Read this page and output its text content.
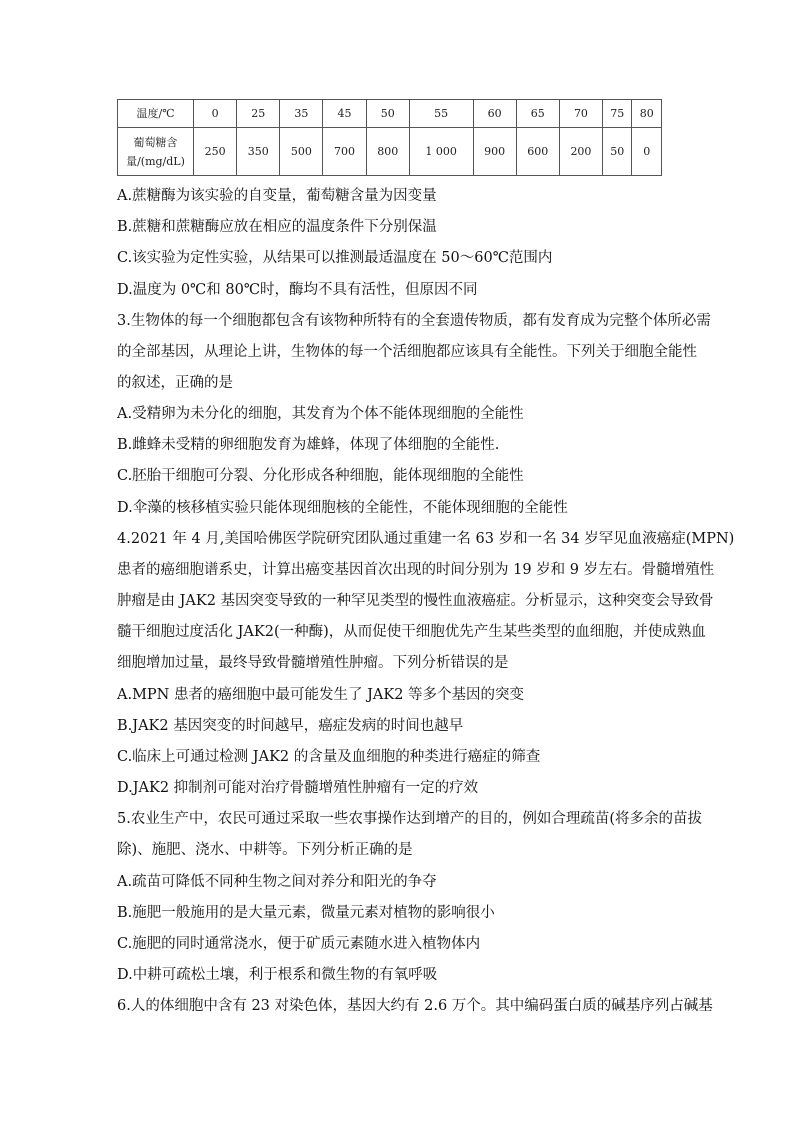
温度/℃	0	25	35	45	50	55	60	65	70	75	80
葡萄糖含
量/(mg/dL)	250	350	500	700	800	1 000	900	600	200	50	0
A.蔗糖酶为该实验的自变量，葡萄糖含量为因变量
B.蔗糖和蔗糖酶应放在相应的温度条件下分别保温
C.该实验为定性实验，从结果可以推测最适温度在 50～60℃范围内
D.温度为 0℃和 80℃时，酶均不具有活性，但原因不同
3.生物体的每一个细胞都包含有该物种所特有的全套遗传物质，都有发育成为完整个体所必需
的全部基因，从理论上讲，生物体的每一个活细胞都应该具有全能性。下列关于细胞全能性
的叙述，正确的是
A.受精卵为未分化的细胞，其发育为个体不能体现细胞的全能性
B.雌蜂未受精的卵细胞发育为雄蜂，体现了体细胞的全能性.
C.胚胎干细胞可分裂、分化形成各种细胞，能体现细胞的全能性
D.伞藻的核移植实验只能体现细胞核的全能性，不能体现细胞的全能性
4.2021 年 4 月,美国哈佛医学院研究团队通过重建一名 63 岁和一名 34 岁罕见血液癌症(MPN)
患者的癌细胞谱系史，计算出癌变基因首次出现的时间分别为 19 岁和 9 岁左右。骨髓增殖性
肿瘤是由 JAK2 基因突变导致的一种罕见类型的慢性血液癌症。分析显示，这种突变会导致骨
髓干细胞过度活化 JAK2(一种酶)，从而促使干细胞优先产生某些类型的血细胞，并使成熟血
细胞增加过量，最终导致骨髓增殖性肿瘤。下列分析错误的是
A.MPN 患者的癌细胞中最可能发生了 JAK2 等多个基因的突变
B.JAK2 基因突变的时间越早，癌症发病的时间也越早
C.临床上可通过检测 JAK2 的含量及血细胞的种类进行癌症的筛查
D.JAK2 抑制剂可能对治疗骨髓增殖性肿瘤有一定的疗效
5.农业生产中，农民可通过采取一些农事操作达到增产的目的，例如合理疏苗(将多余的苗拔
除)、施肥、浇水、中耕等。下列分析正确的是
A.疏苗可降低不同种生物之间对养分和阳光的争夺
B.施肥一般施用的是大量元素，微量元素对植物的影响很小
C.施肥的同时通常浇水，便于矿质元素随水进入植物体内
D.中耕可疏松土壤，利于根系和微生物的有氧呼吸
6.人的体细胞中含有 23 对染色体，基因大约有 2.6 万个。其中编码蛋白质的碱基序列占碱基
